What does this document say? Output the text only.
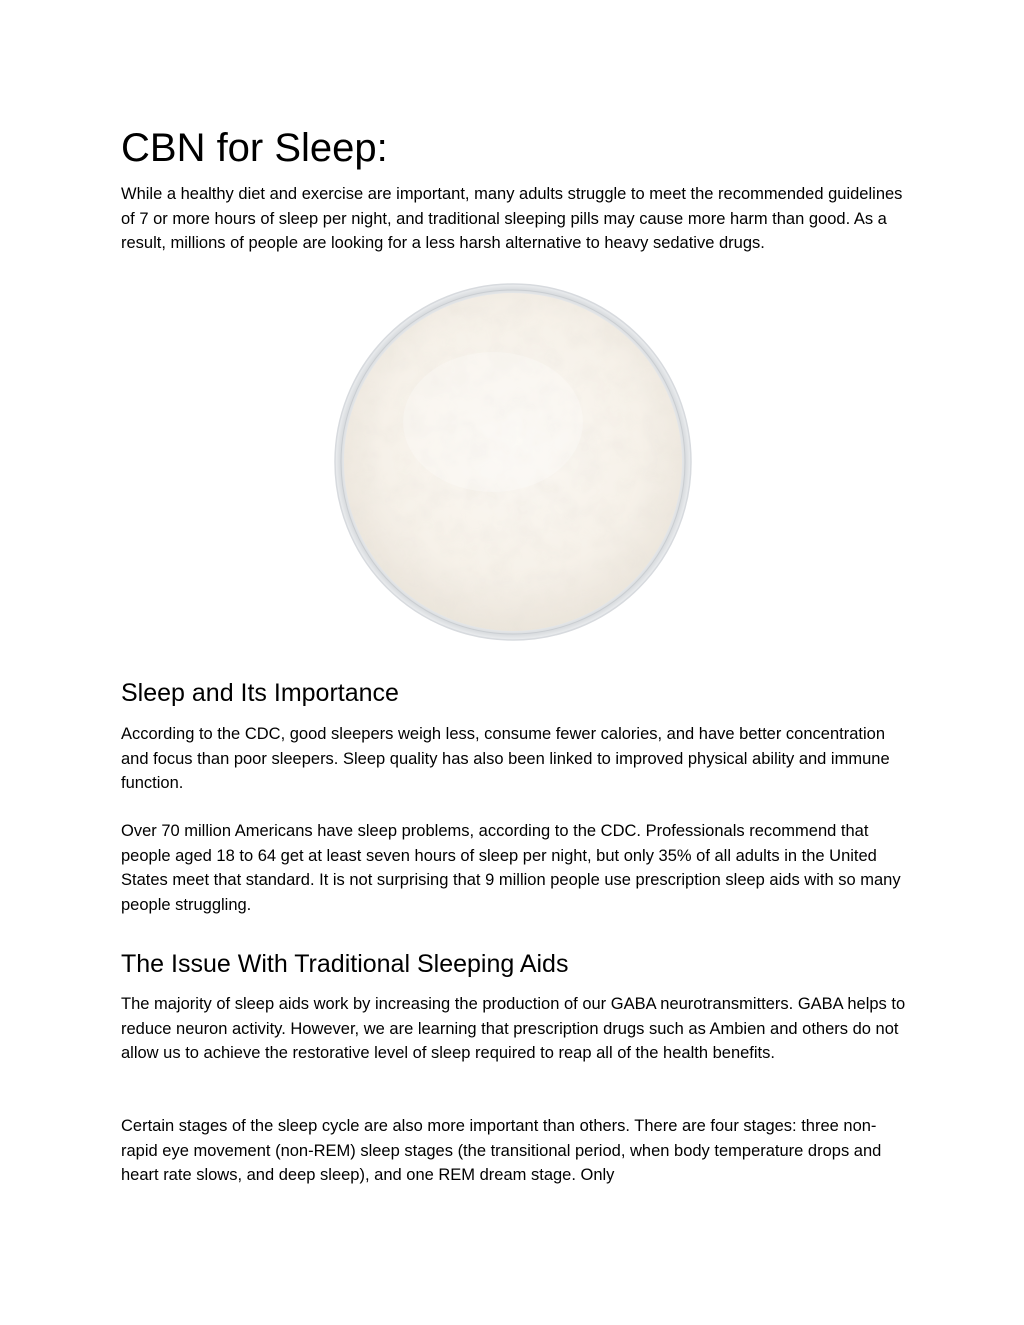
CBN for Sleep:

While a healthy diet and exercise are important, many adults struggle to meet the recommended guidelines of 7 or more hours of sleep per night, and traditional sleeping pills may cause more harm than good. As a result, millions of people are looking for a less harsh alternative to heavy sedative drugs.

Sleep and Its Importance

According to the CDC, good sleepers weigh less, consume fewer calories, and have better concentration and focus than poor sleepers. Sleep quality has also been linked to improved physical ability and immune function.

Over 70 million Americans have sleep problems, according to the CDC. Professionals recommend that people aged 18 to 64 get at least seven hours of sleep per night, but only 35% of all adults in the United States meet that standard. It is not surprising that 9 million people use prescription sleep aids with so many people struggling.

The Issue With Traditional Sleeping Aids

The majority of sleep aids work by increasing the production of our GABA neurotransmitters. GABA helps to reduce neuron activity. However, we are learning that prescription drugs such as Ambien and others do not allow us to achieve the restorative level of sleep required to reap all of the health benefits.

Certain stages of the sleep cycle are also more important than others. There are four stages: three non-rapid eye movement (non-REM) sleep stages (the transitional period, when body temperature drops and heart rate slows, and deep sleep), and one REM dream stage. Only
